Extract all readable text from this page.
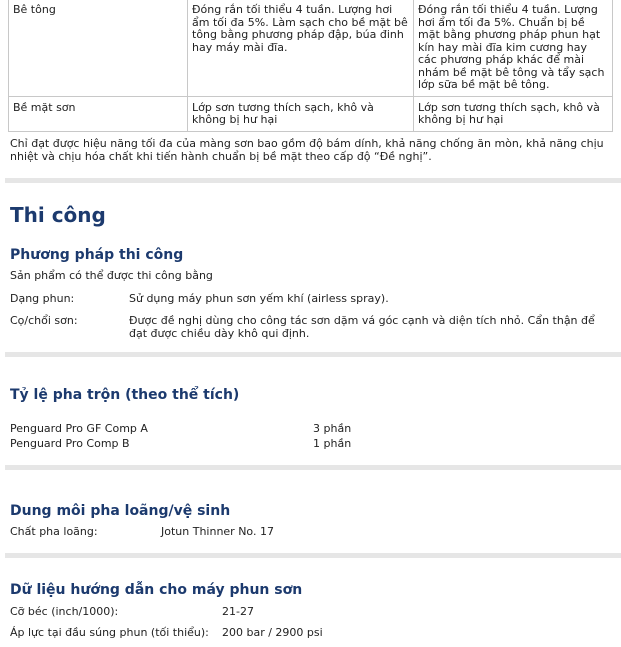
Bê tông	Đóng rắn tối thiểu 4 tuần. Lượng hơi ẩm tối đa 5%. Làm sạch cho bề mặt bê tông bằng phương pháp đập, búa đinh hay máy mài đĩa.	Đóng rắn tối thiểu 4 tuần. Lượng hơi ẩm tối đa 5%. Chuẩn bị bề mặt bằng phương pháp phun hạt kín hay mài đĩa kim cương hay các phương pháp khác để mài nhám bề mặt bê tông và tẩy sạch lớp sữa bề mặt bê tông.
Bề mặt sơn	Lớp sơn tương thích sạch, khô và không bị hư hại	Lớp sơn tương thích sạch, khô và không bị hư hại
Chỉ đạt được hiệu năng tối đa của màng sơn bao gồm độ bám dính, khả năng chống ăn mòn, khả năng chịu nhiệt và chịu hóa chất khi tiến hành chuẩn bị bề mặt theo cấp độ “Đề nghị”.
Thi công
Phương pháp thi công
Sản phẩm có thể được thi công bằng
Dạng phun:	Sử dụng máy phun sơn yếm khí (airless spray).
Cọ/chổi sơn:	Được đề nghị dùng cho công tác sơn dặm vá góc cạnh và diện tích nhỏ. Cẩn thận để đạt được chiều dày khô qui định.
Tỷ lệ pha trộn (theo thể tích)
Penguard Pro GF Comp A	3 phần
Penguard Pro Comp B	1 phần
Dung môi pha loãng/vệ sinh
Chất pha loãng:	Jotun Thinner No. 17
Dữ liệu hướng dẫn cho máy phun sơn
Cỡ béc (inch/1000):	21-27
Áp lực tại đầu súng phun (tối thiểu): 200 bar / 2900 psi
